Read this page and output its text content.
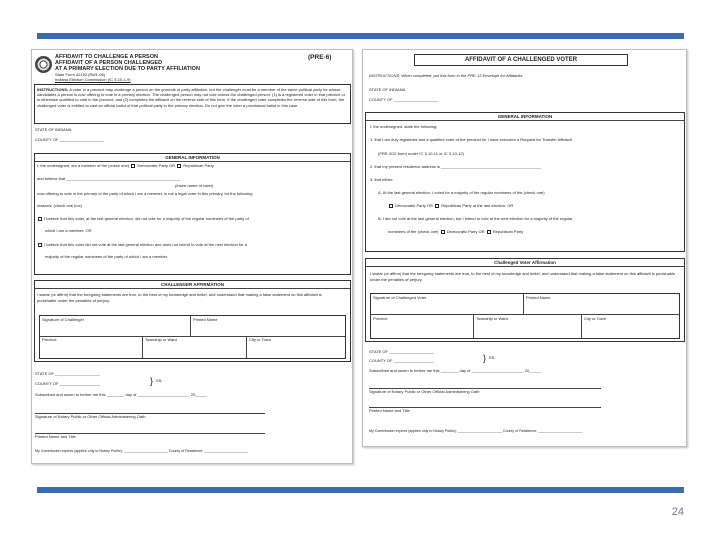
AFFIDAVIT TO CHALLENGE A PERSON
AFFIDAVIT OF A PERSON CHALLENGED
AT A PRIMARY ELECTION DUE TO PARTY AFFILIATION
(PRE-6)
State Form 42192 (R8/1-06)
Indiana Election Commission (IC 3-10-1-9)
INSTRUCTIONS: A voter in a precinct may challenge a person on the grounds of party affiliation, but the challenger must be a member of the same political party for whose candidates a person is now offering to vote in a primary election. The challenged person may not vote unless the challenged person: (1) is a registered voter in that precinct or is otherwise qualified to vote in the precinct; and (2) completes the affidavit on the reverse side of this form. If the challenged voter completes the reverse side of this form, the challenged voter is entitled to cast an official ballot of that political party in the primary election. Do not give the voter a provisional ballot in this case.
STATE OF INDIANA
COUNTY OF ____________________
GENERAL INFORMATION
I, the undersigned, am a member of the (check one) Democratic Party OR Republican Party
and believe that ___________________________________________________
(Insert name of voter)
now offering to vote in the primary of the party of which I am a member, is not a legal voter in this primary, for the following
reasons: (check one box)
I believe that this voter, at the last general election, did not vote for a majority of the regular nominees of the party of
which I am a member; OR
I believe that this voter did not vote at the last general election and does not intend to vote at the next election for a
majority of the regular nominees of the party of which I am a member.
CHALLENGER AFFIRMATION
I swear (or affirm) that the foregoing statements are true, to the best of my knowledge and belief, and understand that making a false statement on this affidavit is punishable under the penalties of perjury.
Signature of Challenger	Printed Name
Precinct	Township or Ward	City or Town
STATE OF ____________________
} SS:
COUNTY OF __________________
Subscribed and sworn to before me this ________ day of _______________________, 20_____.
Signature of Notary Public or Other Official Administering Oath
Printed Name and Title
My Commission expires (applies only to Notary Public): ______________________ County of Residence: ______________________
AFFIDAVIT OF A CHALLENGED VOTER
INSTRUCTIONS: When completed, put this form in the PRE-13 Envelope for Affidavits.
STATE OF INDIANA
COUNTY OF ____________________
GENERAL INFORMATION
I, the undersigned, state the following:
1. that I am duly registered and a qualified voter of the precinct for I have executed a Request for Transfer Affidavit
(PRE 4/12 form) under IC 3-10-11 or IC 3-10-12)
2. that my present residence address is _____________________________________________
3. that either:
A. At the last general election, I voted for a majority of the regular nominees of the (check one)
Democratic Party OR Republican Party at the last election; OR
B. I did not vote at the last general election, but I intend to vote at the next election for a majority of the regular
nominees of the (check one) Democratic Party OR Republican Party
Challenged Voter Affirmation
I swear (or affirm) that the foregoing statements are true, to the best of my knowledge and belief, and understand that making a false statement on this affidavit is punishable under the penalties of perjury.
Signature of Challenged Voter	Printed Name
Precinct	Township or Ward	City or Town
STATE OF ____________________
} SS:
COUNTY OF __________________
Subscribed and sworn to before me this ________ day of _______________________, 20_____.
Signature of Notary Public or Other Official Administering Oath
Printed Name and Title
My Commission expires (applies only to Notary Public): ______________________ County of Residence: ______________________
24
